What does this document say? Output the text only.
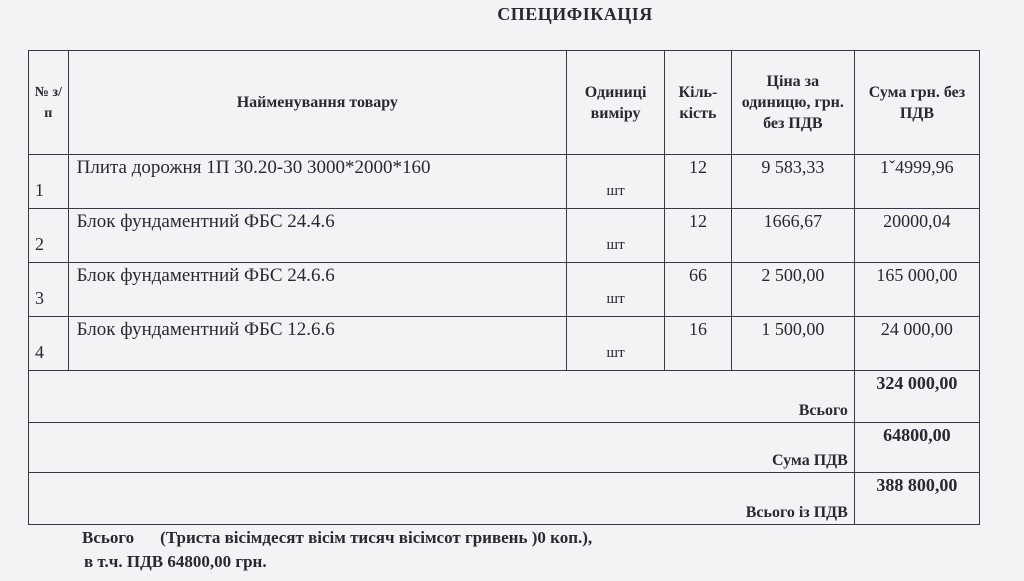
СПЕЦИФІКАЦІЯ
№ з/ п	Найменування товару	Одиниці виміру	Кіль- кість	Ціна за одиницю, грн. без ПДВ	Сума грн. без ПДВ
1	Плита дорожня 1П 30.20-30 3000*2000*160	шт	12	9 583,33	1ˇ4999,96
2	Блок фундаментний ФБС 24.4.6	шт	12	1666,67	20000,04
3	Блок фундаментний ФБС 24.6.6	шт	66	2 500,00	165 000,00
4	Блок фундаментний ФБС 12.6.6	шт	16	1 500,00	24 000,00
Всього					324 000,00
Сума ПДВ					64800,00
Всього із ПДВ					388 800,00
Всього (Триста вісімдесят вісім тисяч вісімсот гривень )0 коп.),
в т.ч. ПДВ 64800,00 грн.
